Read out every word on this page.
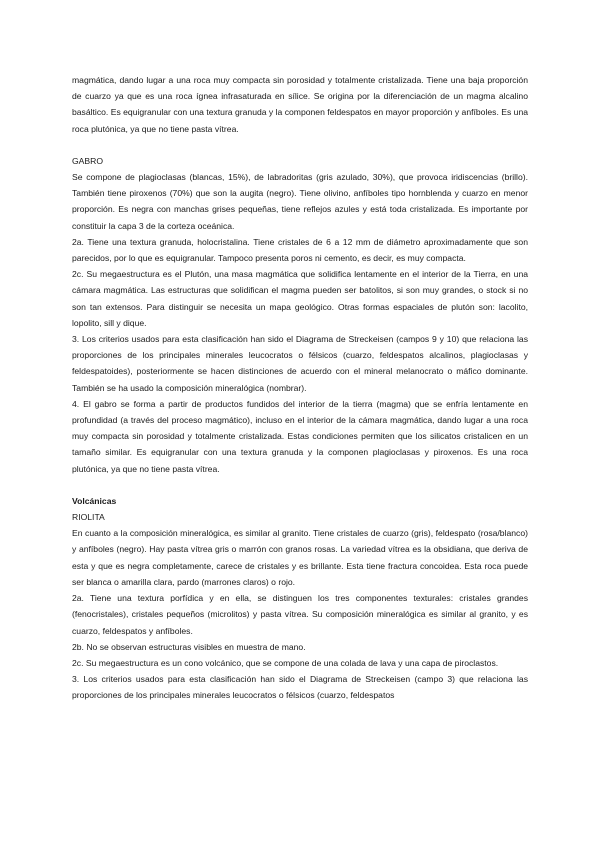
magmática, dando lugar a una roca muy compacta sin porosidad y totalmente cristalizada. Tiene una baja proporción de cuarzo ya que es una roca ígnea infrasaturada en sílice. Se origina por la diferenciación de un magma alcalino basáltico. Es equigranular con una textura granuda y la componen feldespatos en mayor proporción y anfíboles. Es una roca plutónica, ya que no tiene pasta vítrea.

GABRO

Se compone de plagioclasas (blancas, 15%), de labradoritas (gris azulado, 30%), que provoca iridiscencias (brillo). También tiene piroxenos (70%) que son la augita (negro). Tiene olivino, anfíboles tipo hornblenda y cuarzo en menor proporción. Es negra con manchas grises pequeñas, tiene reflejos azules y está toda cristalizada. Es importante por constituir la capa 3 de la corteza oceánica.

2a. Tiene una textura granuda, holocristalina. Tiene cristales de 6 a 12 mm de diámetro aproximadamente que son parecidos, por lo que es equigranular. Tampoco presenta poros ni cemento, es decir, es muy compacta.

2c. Su megaestructura es el Plutón, una masa magmática que solidifica lentamente en el interior de la Tierra, en una cámara magmática. Las estructuras que solidifican el magma pueden ser batolitos, si son muy grandes, o stock si no son tan extensos. Para distinguir se necesita un mapa geológico. Otras formas espaciales de plutón son: lacolito, lopolito, sill y dique.

3. Los criterios usados para esta clasificación han sido el Diagrama de Streckeisen (campos 9 y 10) que relaciona las proporciones de los principales minerales leucocratos o félsicos (cuarzo, feldespatos alcalinos, plagioclasas y feldespatoides), posteriormente se hacen distinciones de acuerdo con el mineral melanocrato o máfico dominante. También se ha usado la composición mineralógica (nombrar).

4. El gabro se forma a partir de productos fundidos del interior de la tierra (magma) que se enfría lentamente en profundidad (a través del proceso magmático), incluso en el interior de la cámara magmática, dando lugar a una roca muy compacta sin porosidad y totalmente cristalizada. Estas condiciones permiten que los silicatos cristalicen en un tamaño similar. Es equigranular con una textura granuda y la componen plagioclasas y piroxenos. Es una roca plutónica, ya que no tiene pasta vítrea.

Volcánicas
RIOLITA

En cuanto a la composición mineralógica, es similar al granito. Tiene cristales de cuarzo (gris), feldespato (rosa/blanco) y anfíboles (negro). Hay pasta vítrea gris o marrón con granos rosas. La variedad vítrea es la obsidiana, que deriva de esta y que es negra completamente, carece de cristales y es brillante. Esta tiene fractura concoidea. Esta roca puede ser blanca o amarilla clara, pardo (marrones claros) o rojo.

2a. Tiene una textura porfídica y en ella, se distinguen los tres componentes texturales: cristales grandes (fenocristales), cristales pequeños (microlitos) y pasta vítrea. Su composición mineralógica es similar al granito, y es cuarzo, feldespatos y anfíboles.

2b. No se observan estructuras visibles en muestra de mano.

2c. Su megaestructura es un cono volcánico, que se compone de una colada de lava y una capa de piroclastos.

3. Los criterios usados para esta clasificación han sido el Diagrama de Streckeisen (campo 3) que relaciona las proporciones de los principales minerales leucocratos o félsicos (cuarzo, feldespatos
